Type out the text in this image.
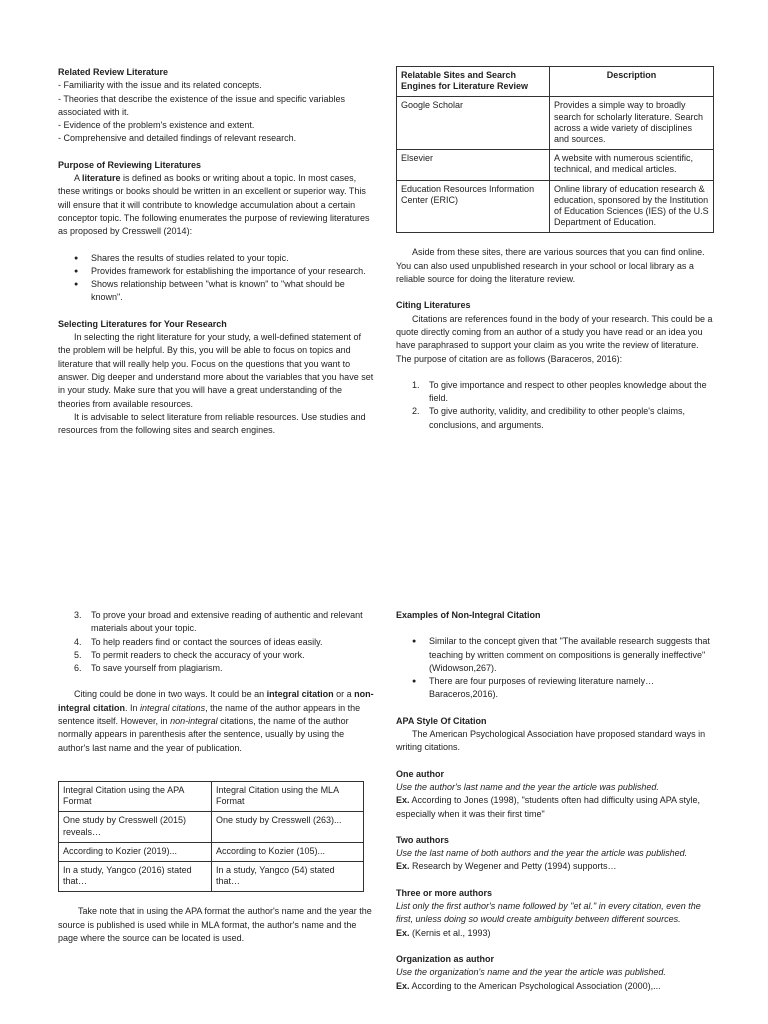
Related Review Literature

- Familiarity with the issue and its related concepts.

- Theories that describe the existence of the issue and specific variables associated with it.

- Evidence of the problem's existence and extent.

- Comprehensive and detailed findings of relevant research.

Purpose of Reviewing Literatures

A literature is defined as books or writing about a topic. In most cases, these writings or books should be written in an excellent or superior way. This will ensure that it will contribute to knowledge accumulation about a certain conceptor topic. The following enumerates the purpose of reviewing literatures as proposed by Cresswell (2014):

● Shares the results of studies related to your topic.
● Provides framework for establishing the importance of your research.
● Shows relationship between "what is known" to "what should be known".

Selecting Literatures for Your Research

In selecting the right literature for your study, a well-defined statement of the problem will be helpful. By this, you will be able to focus on topics and literature that will really help you. Focus on the questions that you want to answer. Dig deeper and understand more about the variables that you have set in your study. Make sure that you will have a great understanding of the theories from available resources.

It is advisable to select literature from reliable resources. Use studies and resources from the following sites and search engines.

Relatable Sites and Search Engines for Literature Review	Description
Google Scholar	Provides a simple way to broadly search for scholarly literature. Search across a wide variety of disciplines and sources.
Elsevier	A website with numerous scientific, technical, and medical articles.
Education Resources Information Center (ERIC)	Online library of education research & education, sponsored by the Institution of Education Sciences (IES) of the U.S Department of Education.

Aside from these sites, there are various sources that you can find online. You can also used unpublished research in your school or local library as a reliable source for doing the literature review.

Citing Literatures

Citations are references found in the body of your research. This could be a quote directly coming from an author of a study you have read or an idea you have paraphrased to support your claim as you write the review of literature. The purpose of citation are as follows (Baraceros, 2016):

1. To give importance and respect to other peoples knowledge about the field.
2. To give authority, validity, and credibility to other people's claims, conclusions, and arguments.
3. To prove your broad and extensive reading of authentic and relevant materials about your topic.
4. To help readers find or contact the sources of ideas easily.
5. To permit readers to check the accuracy of your work.
6. To save yourself from plagiarism.

Citing could be done in two ways. It could be an integral citation or a non-integral citation. In integral citations, the name of the author appears in the sentence itself. However, in non-integral citations, the name of the author normally appears in parenthesis after the sentence, usually by using the author's last name and the year of publication.

Integral Citation using the APA Format	Integral Citation using the MLA Format
One study by Cresswell (2015) reveals…	One study by Cresswell (263)...
According to Kozier (2019)...	According to Kozier (105)...
In a study, Yangco (2016) stated that…	In a study, Yangco (54) stated that…

Take note that in using the APA format the author's name and the year the source is published is used while in MLA format, the author's name and the page where the source can be located is used.

Examples of Non-Integral Citation

● Similar to the concept given that "The available research suggests that teaching by written comment on compositions is generally ineffective" (Widowson,267).
● There are four purposes of reviewing literature namely… Baraceros,2016).

APA Style Of Citation

The American Psychological Association have proposed standard ways in writing citations.

One author

Use the author's last name and the year the article was published.

Ex. According to Jones (1998), "students often had difficulty using APA style, especially when it was their first time"

Two authors

Use the last name of both authors and the year the article was published.

Ex. Research by Wegener and Petty (1994) supports…

Three or more authors

List only the first author's name followed by "et al." in every citation, even the first, unless doing so would create ambiguity between different sources.

Ex. (Kernis et al., 1993)

Organization as author

Use the organization's name and the year the article was published.

Ex. According to the American Psychological Association (2000),...
